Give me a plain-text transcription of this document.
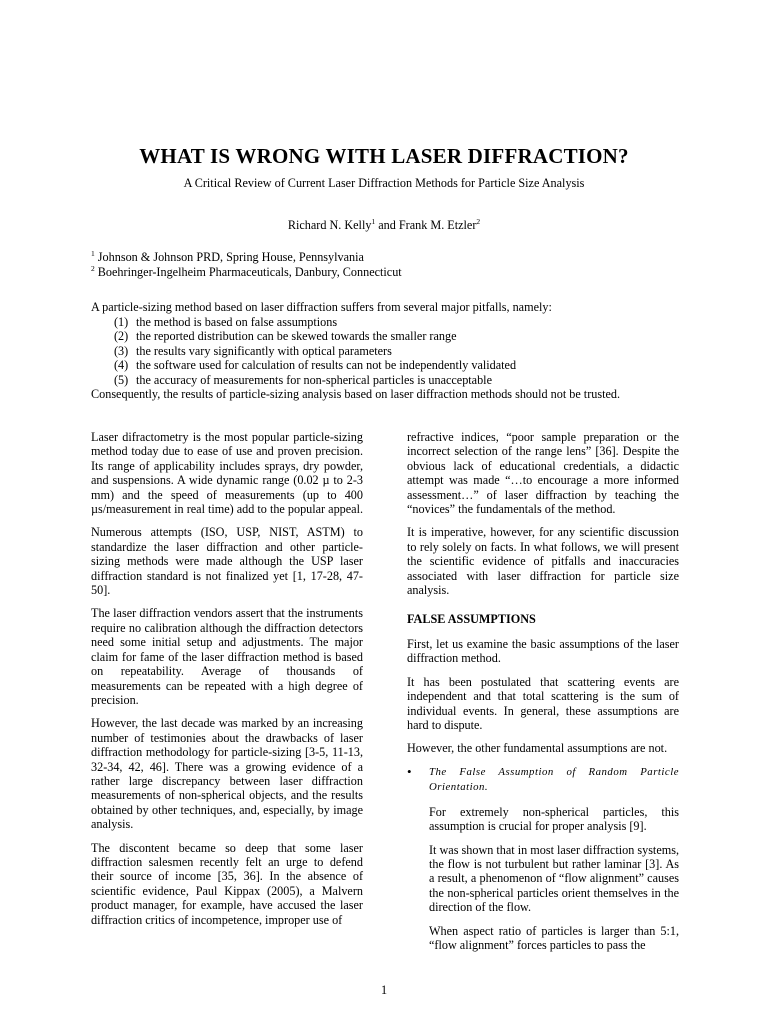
WHAT IS WRONG WITH LASER DIFFRACTION?
A Critical Review of Current Laser Diffraction Methods for Particle Size Analysis
Richard N. Kelly$^1$ and Frank M. Etzler$^2$
$^1$ Johnson & Johnson PRD, Spring House, Pennsylvania
$^2$ Boehringer-Ingelheim Pharmaceuticals, Danbury, Connecticut
A particle-sizing method based on laser diffraction suffers from several major pitfalls, namely:
(1) the method is based on false assumptions
(2) the reported distribution can be skewed towards the smaller range
(3) the results vary significantly with optical parameters
(4) the software used for calculation of results can not be independently validated
(5) the accuracy of measurements for non-spherical particles is unacceptable
Consequently, the results of particle-sizing analysis based on laser diffraction methods should not be trusted.

Laser difractometry is the most popular particle-sizing method today due to ease of use and proven precision. Its range of applicability includes sprays, dry powder, and suspensions. A wide dynamic range (0.02 µ to 2-3 mm) and the speed of measurements (up to 400 µs/measurement in real time) add to the popular appeal.

Numerous attempts (ISO, USP, NIST, ASTM) to standardize the laser diffraction and other particle-sizing methods were made although the USP laser diffraction standard is not finalized yet [1, 17-28, 47-50].

The laser diffraction vendors assert that the instruments require no calibration although the diffraction detectors need some initial setup and adjustments. The major claim for fame of the laser diffraction method is based on repeatability. Average of thousands of measurements can be repeated with a high degree of precision.

However, the last decade was marked by an increasing number of testimonies about the drawbacks of laser diffraction methodology for particle-sizing [3-5, 11-13, 32-34, 42, 46]. There was a growing evidence of a rather large discrepancy between laser diffraction measurements of non-spherical objects, and the results obtained by other techniques, and, especially, by image analysis.

The discontent became so deep that some laser diffraction salesmen recently felt an urge to defend their source of income [35, 36]. In the absence of scientific evidence, Paul Kippax (2005), a Malvern product manager, for example, have accused the laser diffraction critics of incompetence, improper use of

refractive indices, “poor sample preparation or the incorrect selection of the range lens” [36]. Despite the obvious lack of educational credentials, a didactic attempt was made “…to encourage a more informed assessment…” of laser diffraction by teaching the “novices” the fundamentals of the method.

It is imperative, however, for any scientific discussion to rely solely on facts. In what follows, we will present the scientific evidence of pitfalls and inaccuracies associated with laser diffraction for particle size analysis.

FALSE ASSUMPTIONS

First, let us examine the basic assumptions of the laser diffraction method.

It has been postulated that scattering events are independent and that total scattering is the sum of individual events. In general, these assumptions are hard to dispute.

However, the other fundamental assumptions are not.

•	The False Assumption of Random Particle Orientation.

For extremely non-spherical particles, this assumption is crucial for proper analysis [9].

It was shown that in most laser diffraction systems, the flow is not turbulent but rather laminar [3]. As a result, a phenomenon of “flow alignment” causes the non-spherical particles orient themselves in the direction of the flow.

When aspect ratio of particles is larger than 5:1, “flow alignment” forces particles to pass the

1
